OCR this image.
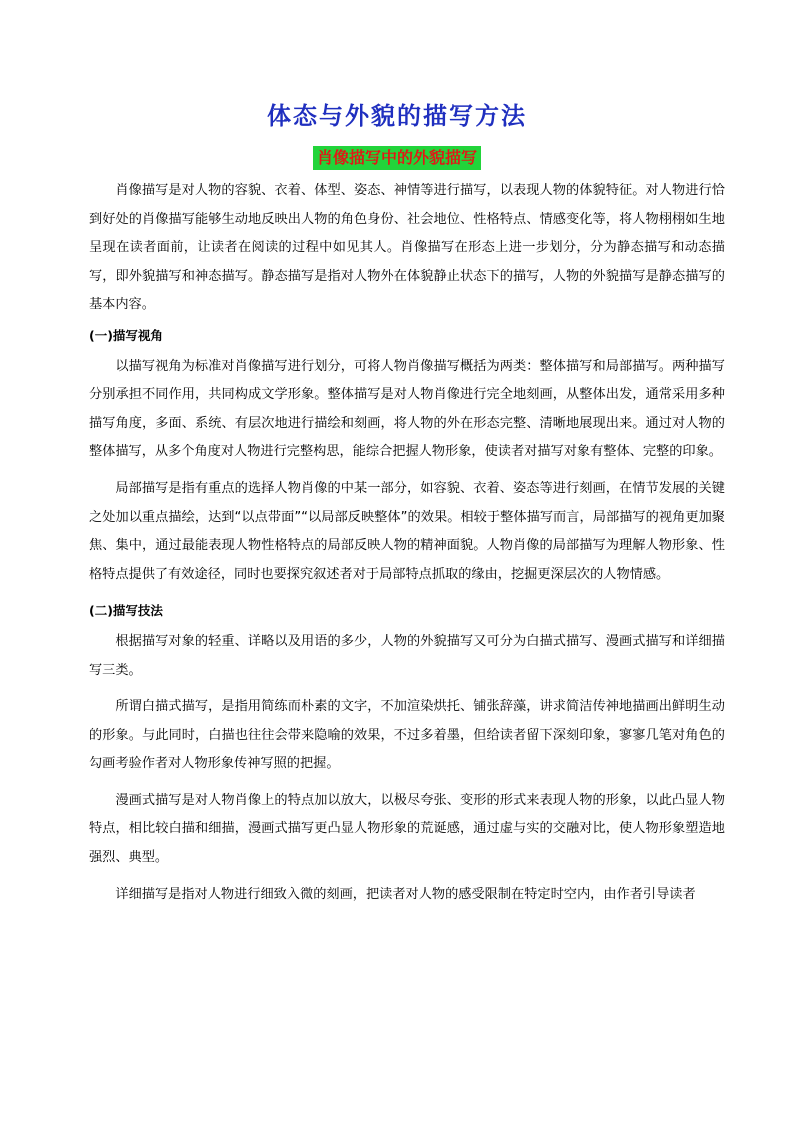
体态与外貌的描写方法
肖像描写中的外貌描写

肖像描写是对人物的容貌、衣着、体型、姿态、神情等进行描写，以表现人物的体貌特征。对人物进行恰到好处的肖像描写能够生动地反映出人物的角色身份、社会地位、性格特点、情感变化等，将人物栩栩如生地呈现在读者面前，让读者在阅读的过程中如见其人。肖像描写在形态上进一步划分，分为静态描写和动态描写，即外貌描写和神态描写。静态描写是指对人物外在体貌静止状态下的描写，人物的外貌描写是静态描写的基本内容。

(一)描写视角

以描写视角为标准对肖像描写进行划分，可将人物肖像描写概括为两类：整体描写和局部描写。两种描写分别承担不同作用，共同构成文学形象。整体描写是对人物肖像进行完全地刻画，从整体出发，通常采用多种描写角度，多面、系统、有层次地进行描绘和刻画，将人物的外在形态完整、清晰地展现出来。通过对人物的整体描写，从多个角度对人物进行完整构思，能综合把握人物形象，使读者对描写对象有整体、完整的印象。

局部描写是指有重点的选择人物肖像的中某一部分，如容貌、衣着、姿态等进行刻画，在情节发展的关键之处加以重点描绘，达到“以点带面”“以局部反映整体”的效果。相较于整体描写而言，局部描写的视角更加聚焦、集中，通过最能表现人物性格特点的局部反映人物的精神面貌。人物肖像的局部描写为理解人物形象、性格特点提供了有效途径，同时也要探究叙述者对于局部特点抓取的缘由，挖掘更深层次的人物情感。

(二)描写技法

根据描写对象的轻重、详略以及用语的多少，人物的外貌描写又可分为白描式描写、漫画式描写和详细描写三类。

所谓白描式描写，是指用简练而朴素的文字，不加渲染烘托、铺张辞藻，讲求简洁传神地描画出鲜明生动的形象。与此同时，白描也往往会带来隐喻的效果，不过多着墨，但给读者留下深刻印象，寥寥几笔对角色的勾画考验作者对人物形象传神写照的把握。

漫画式描写是对人物肖像上的特点加以放大，以极尽夸张、变形的形式来表现人物的形象，以此凸显人物特点，相比较白描和细描，漫画式描写更凸显人物形象的荒诞感，通过虚与实的交融对比，使人物形象塑造地强烈、典型。

详细描写是指对人物进行细致入微的刻画，把读者对人物的感受限制在特定时空内，由作者引导读者
